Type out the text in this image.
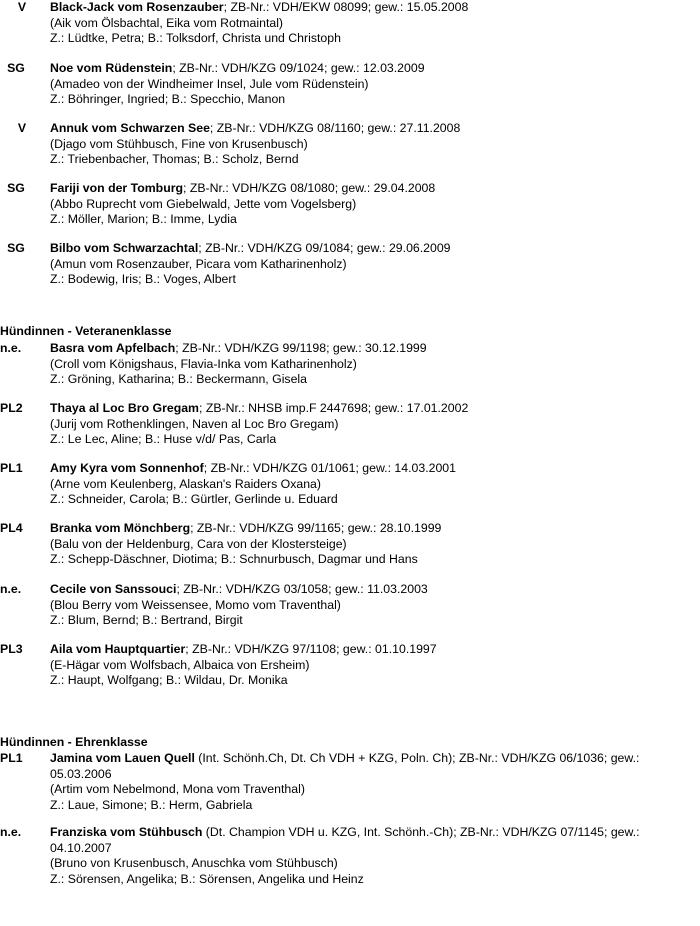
V	Black-Jack vom Rosenzauber; ZB-Nr.: VDH/EKW 08099; gew.: 15.05.2008
(Aik vom Ölsbachtal, Eika vom Rotmaintal)
Z.: Lüdtke, Petra; B.: Tolksdorf, Christa und Christoph
SG	Noe vom Rüdenstein; ZB-Nr.: VDH/KZG 09/1024; gew.: 12.03.2009
(Amadeo von der Windheimer Insel, Jule vom Rüdenstein)
Z.: Böhringer, Ingried; B.: Specchio, Manon
V	Annuk vom Schwarzen See; ZB-Nr.: VDH/KZG 08/1160; gew.: 27.11.2008
(Djago vom Stühbusch, Fine von Krusenbusch)
Z.: Triebenbacher, Thomas; B.: Scholz, Bernd
SG	Fariji von der Tomburg; ZB-Nr.: VDH/KZG 08/1080; gew.: 29.04.2008
(Abbo Ruprecht vom Giebelwald, Jette vom Vogelsberg)
Z.: Möller, Marion; B.: Imme, Lydia
SG	Bilbo vom Schwarzachtal; ZB-Nr.: VDH/KZG 09/1084; gew.: 29.06.2009
(Amun vom Rosenzauber, Picara vom Katharinenholz)
Z.: Bodewig, Iris; B.: Voges, Albert
Hündinnen - Veteranenklasse
n.e.	Basra vom Apfelbach; ZB-Nr.: VDH/KZG 99/1198; gew.: 30.12.1999
(Croll vom Königshaus, Flavia-Inka vom Katharinenholz)
Z.: Gröning, Katharina; B.: Beckermann, Gisela
PL2	Thaya al Loc Bro Gregam; ZB-Nr.: NHSB imp.F 2447698; gew.: 17.01.2002
(Jurij vom Rothenklingen, Naven al Loc Bro Gregam)
Z.: Le Lec, Aline; B.: Huse v/d/ Pas, Carla
PL1	Amy Kyra vom Sonnenhof; ZB-Nr.: VDH/KZG 01/1061; gew.: 14.03.2001
(Arne vom Keulenberg, Alaskan's Raiders Oxana)
Z.: Schneider, Carola; B.: Gürtler, Gerlinde u. Eduard
PL4	Branka vom Mönchberg; ZB-Nr.: VDH/KZG 99/1165; gew.: 28.10.1999
(Balu von der Heldenburg, Cara von der Klostersteige)
Z.: Schepp-Däschner, Diotima; B.: Schnurbusch, Dagmar und Hans
n.e.	Cecile von Sanssouci; ZB-Nr.: VDH/KZG 03/1058; gew.: 11.03.2003
(Blou Berry vom Weissensee, Momo vom Traventhal)
Z.: Blum, Bernd; B.: Bertrand, Birgit
PL3	Aila vom Hauptquartier; ZB-Nr.: VDH/KZG 97/1108; gew.: 01.10.1997
(E-Hägar vom Wolfsbach, Albaica von Ersheim)
Z.: Haupt, Wolfgang; B.: Wildau, Dr. Monika
Hündinnen - Ehrenklasse
PL1	Jamina vom Lauen Quell (Int. Schönh.Ch, Dt. Ch VDH + KZG, Poln. Ch); ZB-Nr.: VDH/KZG 06/1036; gew.:
05.03.2006
(Artim vom Nebelmond, Mona vom Traventhal)
Z.: Laue, Simone; B.: Herm, Gabriela
n.e.	Franziska vom Stühbusch (Dt. Champion VDH u. KZG, Int. Schönh.-Ch); ZB-Nr.: VDH/KZG 07/1145; gew.:
04.10.2007
(Bruno von Krusenbusch, Anuschka vom Stühbusch)
Z.: Sörensen, Angelika; B.: Sörensen, Angelika und Heinz
